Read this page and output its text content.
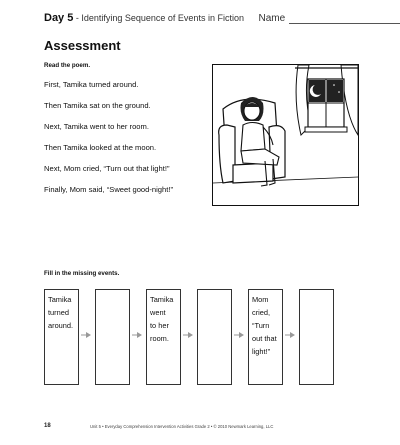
Day 5 - Identifying Sequence of Events in Fiction Name
Assessment
Read the poem.
First, Tamika turned around.
Then Tamika sat on the ground.
Next, Tamika went to her room.
Then Tamika looked at the moon.
Next, Mom cried, “Turn out that light!”
Finally, Mom said, “Sweet good-night!”
Fill in the missing events.
Tamika
turned
around.
Tamika
went
to her
room.
Mom
cried,
“Turn
out that
light!”
18	Unit 5 • Everyday Comprehension Intervention Activities Grade 2 • © 2010 Newmark Learning, LLC
